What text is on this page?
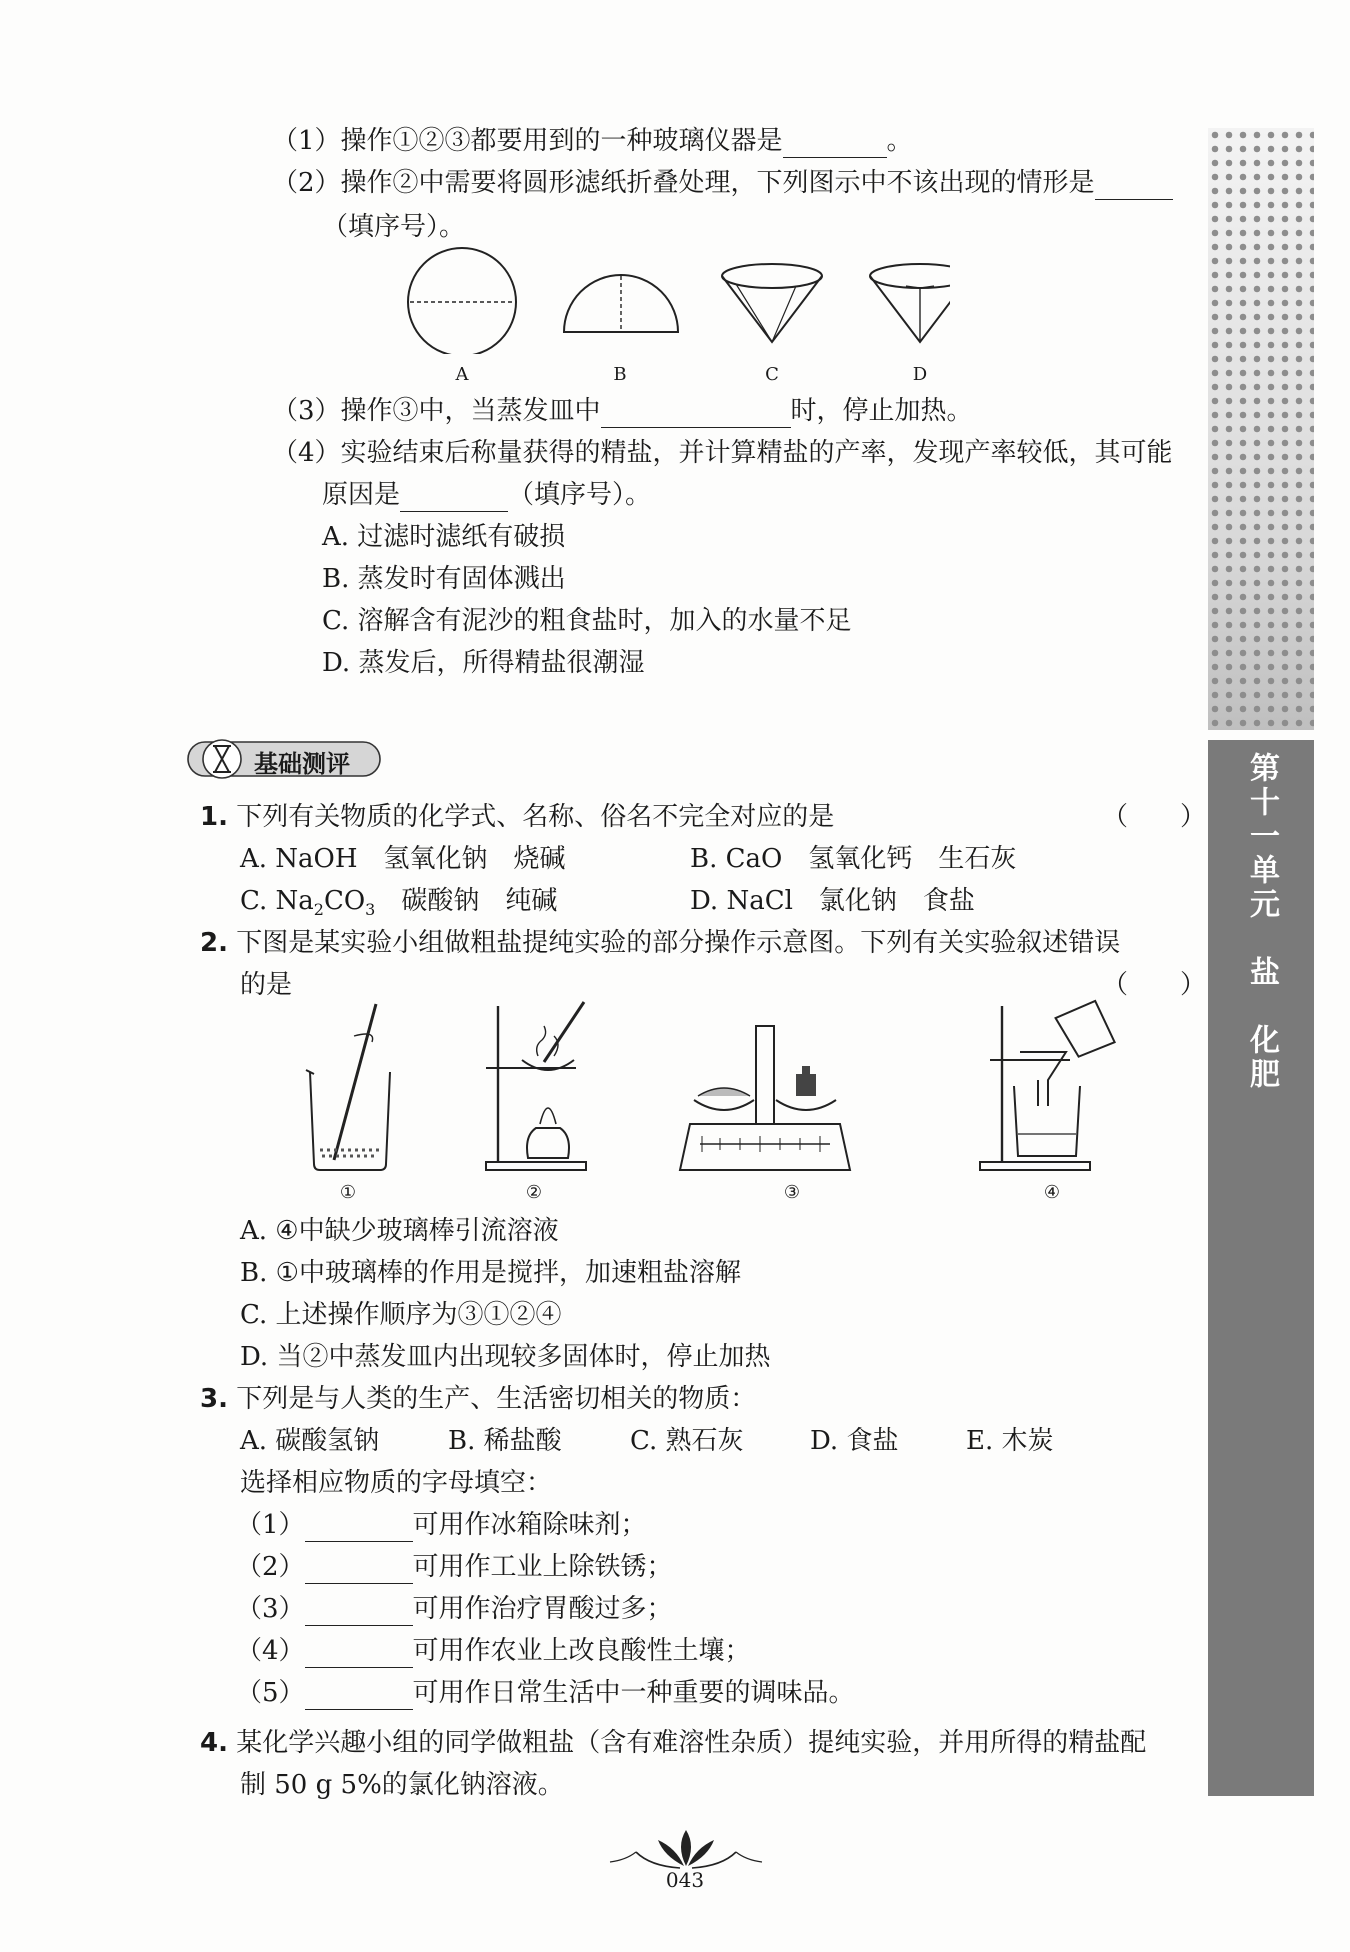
（1）操作①②③都要用到的一种玻璃仪器是	。
（2）操作②中需要将圆形滤纸折叠处理，下列图示中不该出现的情形是
（填序号）。
A	B	C	D
（3）操作③中，当蒸发皿中	时，停止加热。
（4）实验结束后称量获得的精盐，并计算精盐的产率，发现产率较低，其可能
原因是	（填序号）。
A. 过滤时滤纸有破损
B. 蒸发时有固体溅出
C. 溶解含有泥沙的粗食盐时，加入的水量不足
D. 蒸发后，所得精盐很潮湿
基础测评
1. 下列有关物质的化学式、名称、俗名不完全对应的是	（　　）
A. NaOH　氢氧化钠　烧碱	B. CaO　氢氧化钙　生石灰
C. $Na_2CO_3$　碳酸钠　纯碱	D. NaCl　氯化钠　食盐
2. 下图是某实验小组做粗盐提纯实验的部分操作示意图。下列有关实验叙述错误
的是	（　　）
①	②	③	④
A. ④中缺少玻璃棒引流溶液
B. ①中玻璃棒的作用是搅拌，加速粗盐溶解
C. 上述操作顺序为③①②④
D. 当②中蒸发皿内出现较多固体时，停止加热
3. 下列是与人类的生产、生活密切相关的物质：
A. 碳酸氢钠	B. 稀盐酸	C. 熟石灰	D. 食盐	E. 木炭
选择相应物质的字母填空：
（1）	可用作冰箱除味剂；
（2）	可用作工业上除铁锈；
（3）	可用作治疗胃酸过多；
（4）	可用作农业上改良酸性土壤；
（5）	可用作日常生活中一种重要的调味品。
4. 某化学兴趣小组的同学做粗盐（含有难溶性杂质）提纯实验，并用所得的精盐配
制 50 g 5%的氯化钠溶液。
第十一单元　盐　化肥
043
